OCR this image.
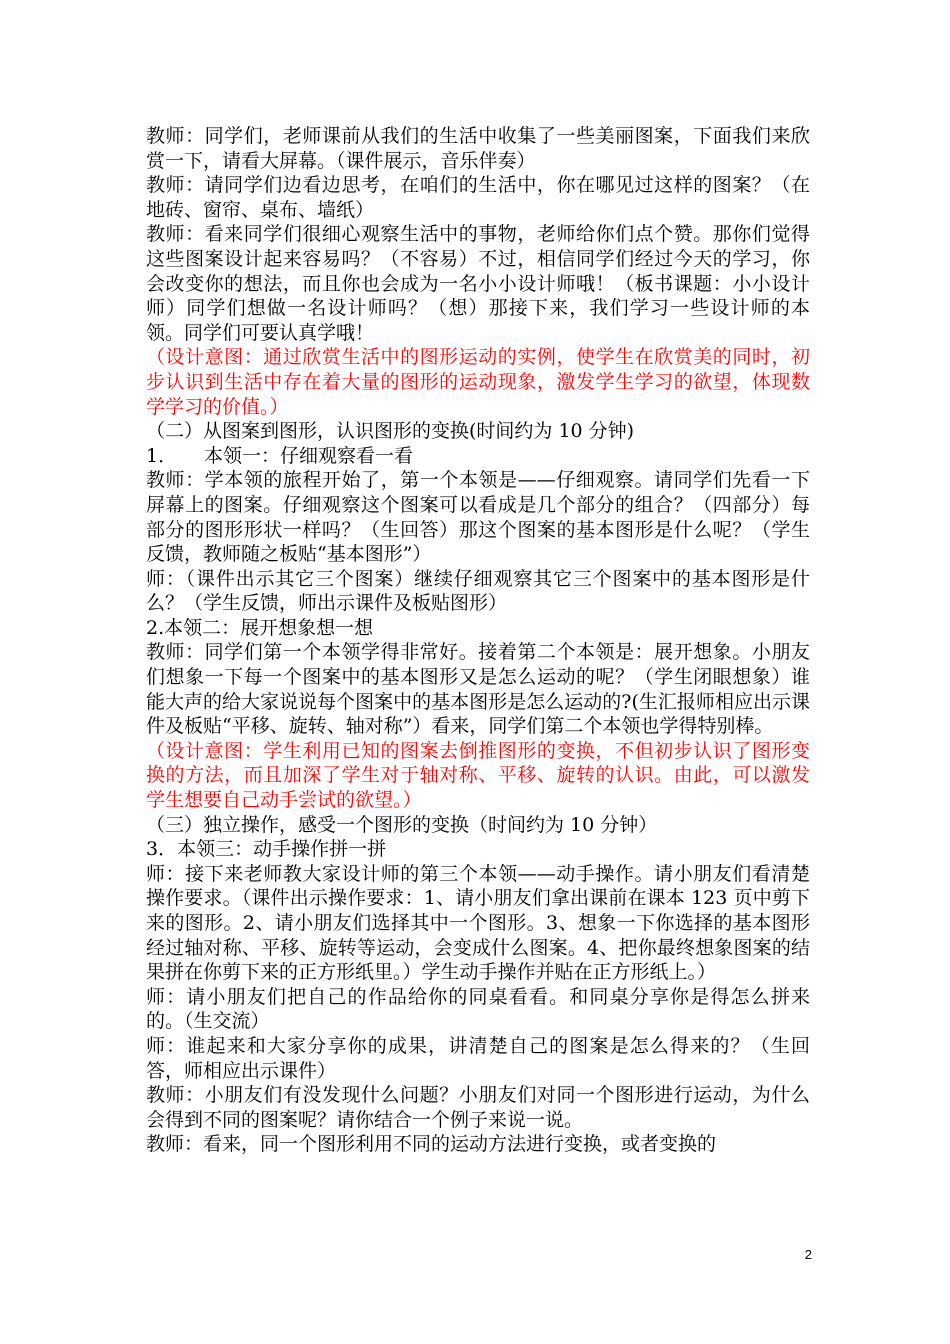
教师：同学们，老师课前从我们的生活中收集了一些美丽图案，下面我们来欣赏一下，请看大屏幕。（课件展示，音乐伴奏）

教师：请同学们边看边思考，在咱们的生活中，你在哪见过这样的图案？（在地砖、窗帘、桌布、墙纸）

教师：看来同学们很细心观察生活中的事物，老师给你们点个赞。那你们觉得这些图案设计起来容易吗？（不容易）不过，相信同学们经过今天的学习，你会改变你的想法，而且你也会成为一名小小设计师哦！（板书课题：小小设计师）同学们想做一名设计师吗？（想）那接下来，我们学习一些设计师的本领。同学们可要认真学哦！

（设计意图：通过欣赏生活中的图形运动的实例，使学生在欣赏美的同时，初步认识到生活中存在着大量的图形的运动现象，激发学生学习的欲望，体现数学学习的价值。）

（二）从图案到图形，认识图形的变换(时间约为 10 分钟)

1． 本领一：仔细观察看一看

教师：学本领的旅程开始了，第一个本领是——仔细观察。请同学们先看一下屏幕上的图案。仔细观察这个图案可以看成是几个部分的组合？（四部分）每部分的图形形状一样吗？（生回答）那这个图案的基本图形是什么呢？（学生反馈，教师随之板贴“基本图形”）

师：（课件出示其它三个图案）继续仔细观察其它三个图案中的基本图形是什么？（学生反馈，师出示课件及板贴图形）

2.本领二：展开想象想一想

教师：同学们第一个本领学得非常好。接着第二个本领是：展开想象。小朋友们想象一下每一个图案中的基本图形又是怎么运动的呢？（学生闭眼想象）谁能大声的给大家说说每个图案中的基本图形是怎么运动的?(生汇报师相应出示课件及板贴“平移、旋转、轴对称”）看来，同学们第二个本领也学得特别棒。

（设计意图：学生利用已知的图案去倒推图形的变换，不但初步认识了图形变换的方法，而且加深了学生对于轴对称、平移、旋转的认识。由此，可以激发学生想要自己动手尝试的欲望。）

（三）独立操作，感受一个图形的变换（时间约为 10 分钟）

3．本领三：动手操作拼一拼

师：接下来老师教大家设计师的第三个本领——动手操作。请小朋友们看清楚操作要求。（课件出示操作要求：1、请小朋友们拿出课前在课本 123 页中剪下来的图形。2、请小朋友们选择其中一个图形。3、想象一下你选择的基本图形经过轴对称、平移、旋转等运动，会变成什么图案。4、把你最终想象图案的结果拼在你剪下来的正方形纸里。）学生动手操作并贴在正方形纸上。）

师：请小朋友们把自己的作品给你的同桌看看。和同桌分享你是得怎么拼来的。（生交流）

师：谁起来和大家分享你的成果，讲清楚自己的图案是怎么得来的？（生回答，师相应出示课件）

教师：小朋友们有没发现什么问题？小朋友们对同一个图形进行运动，为什么会得到不同的图案呢？请你结合一个例子来说一说。

教师：看来，同一个图形利用不同的运动方法进行变换，或者变换的

2
